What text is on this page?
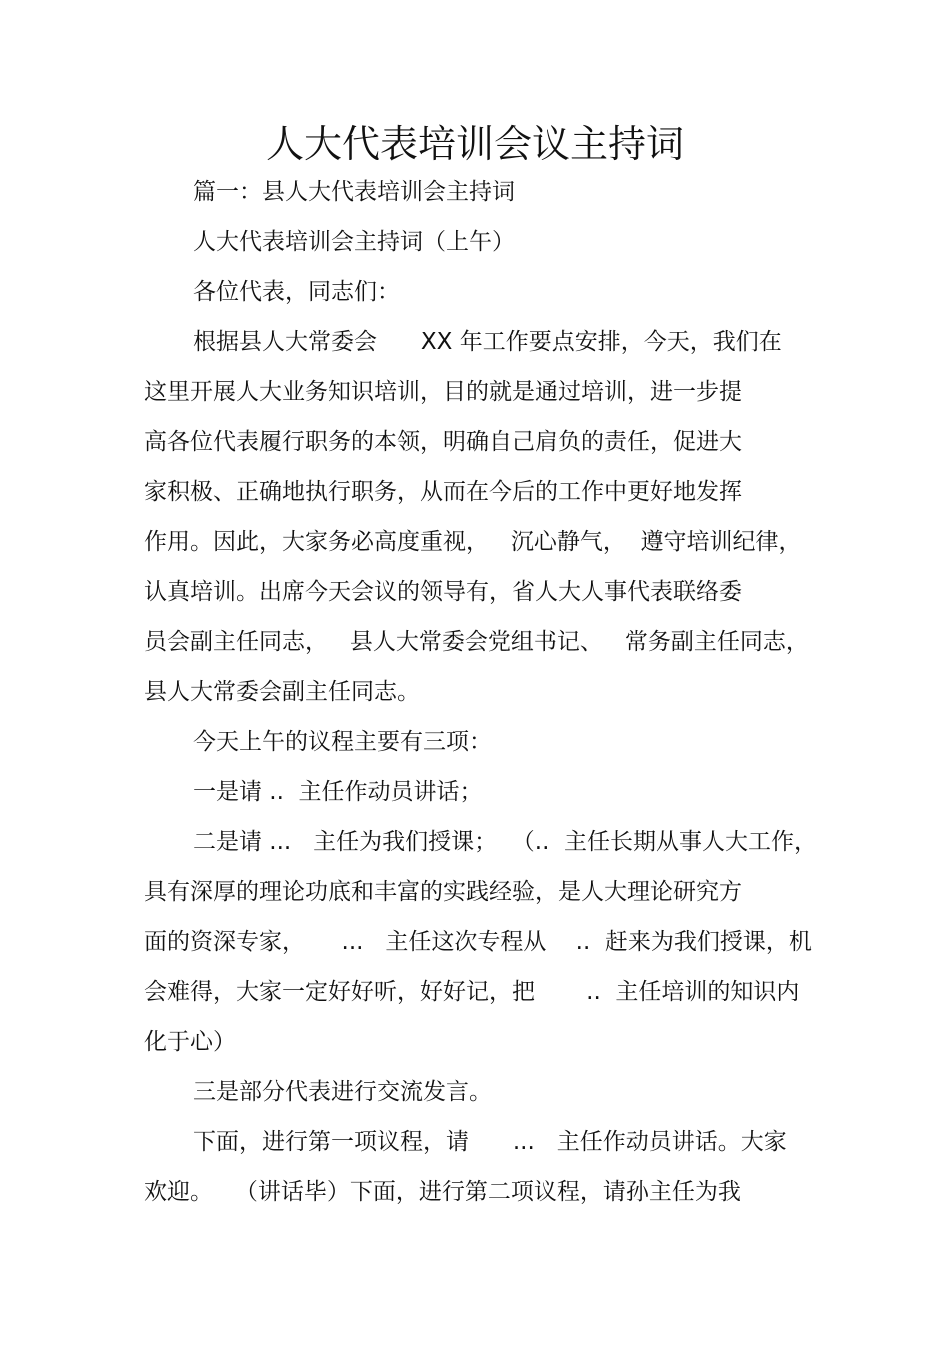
人大代表培训会议主持词
篇一：县人大代表培训会主持词
人大代表培训会主持词（上午）
各位代表，同志们：
根据县人大常委会      XX 年工作要点安排，今天，我们在
这里开展人大业务知识培训，目的就是通过培训，进一步提
高各位代表履行职务的本领，明确自己肩负的责任，促进大
家积极、正确地执行职务，从而在今后的工作中更好地发挥
作用。因此，大家务必高度重视，   沉心静气，  遵守培训纪律，
认真培训。出席今天会议的领导有，省人大人事代表联络委
员会副主任同志，   县人大常委会党组书记、   常务副主任同志，
县人大常委会副主任同志。
今天上午的议程主要有三项：
一是请 ..  主任作动员讲话；
二是请 ...   主任为我们授课；  （..  主任长期从事人大工作，
具有深厚的理论功底和丰富的实践经验，是人大理论研究方
面的资深专家，     ...   主任这次专程从    ..  赶来为我们授课，机
会难得，大家一定好好听，好好记，把       ..  主任培训的知识内
化于心）
三是部分代表进行交流发言。
下面，进行第一项议程，请      ...   主任作动员讲话。大家
欢迎。   （讲话毕）下面，进行第二项议程，请孙主任为我
